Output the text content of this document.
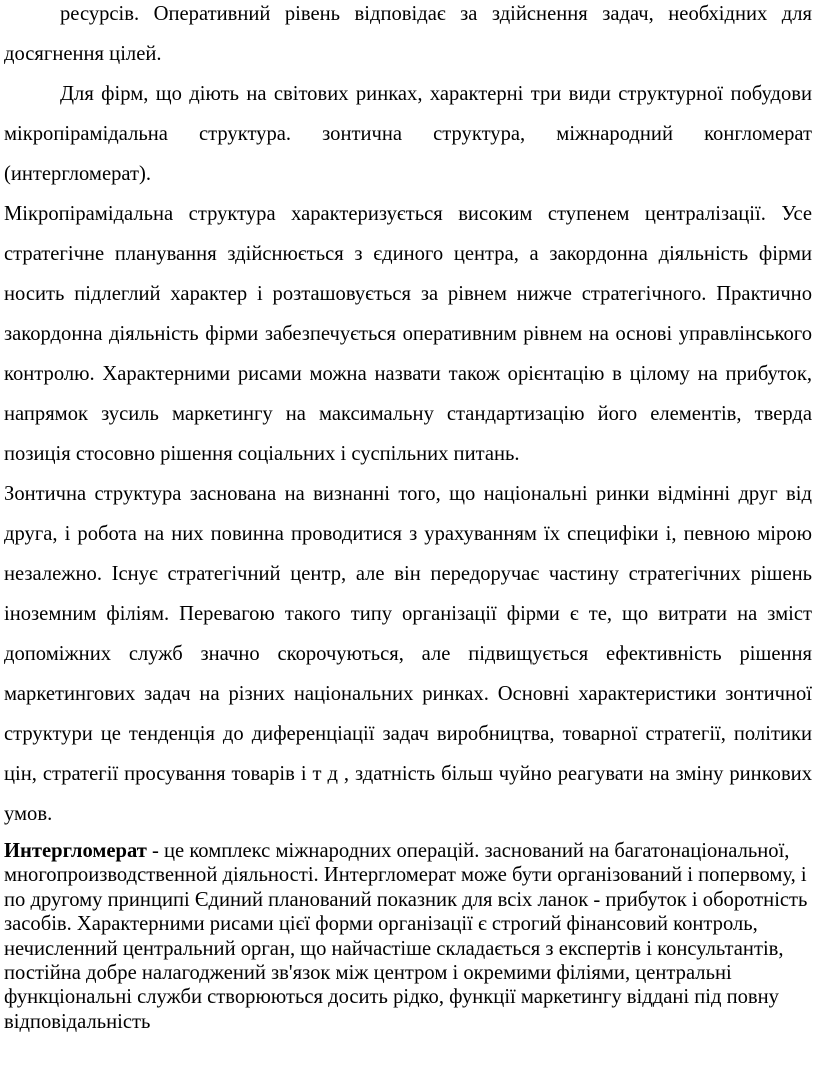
ресурсів. Оперативний рівень відповідає за здійснення задач, необхідних для досягнення цілей.

Для фірм, що діють на світових ринках, характерні три види структурної побудови мікропірамідальна структура. зонтична структура, міжнародний конгломерат (интергломерат).

Мікропірамідальна структура характеризується високим ступенем централізації. Усе стратегічне планування здійснюється з єдиного центра, а закордонна діяльність фірми носить підлеглий характер і розташовується за рівнем нижче стратегічного. Практично закордонна діяльність фірми забезпечується оперативним рівнем на основі управлінського контролю. Характерними рисами можна назвати також орієнтацію в цілому на прибуток, напрямок зусиль маркетингу на максимальну стандартизацію його елементів, тверда позиція стосовно рішення соціальних і суспільних питань.

Зонтична структура заснована на визнанні того, що національні ринки відмінні друг від друга, і робота на них повинна проводитися з урахуванням їх специфіки і, певною мірою незалежно. Існує стратегічний центр, але він передоручає частину стратегічних рішень іноземним філіям. Перевагою такого типу організації фірми є те, що витрати на зміст допоміжних служб значно скорочуються, але підвищується ефективність рішення маркетингових задач на різних національних ринках. Основні характеристики зонтичної структури це тенденція до диференціації задач виробництва, товарної стратегії, політики цін, стратегії просування товарів і т д , здатність більш чуйно реагувати на зміну ринкових умов.

Интергломерат - це комплекс міжнародних операцій. заснований на багатонаціональної, многопроизводственной діяльності. Интергломерат може бути організований і попервому, і по другому принципі Єдиний планований показник для всіх ланок - прибуток і оборотність засобів. Характерними рисами цієї форми організації є строгий фінансовий контроль, нечисленний центральний орган, що найчастіше складається з експертів і консультантів, постійна добре налагоджений зв'язок між центром і окремими філіями, центральні функціональні служби створюються досить рідко, функції маркетингу віддані під повну відповідальність
